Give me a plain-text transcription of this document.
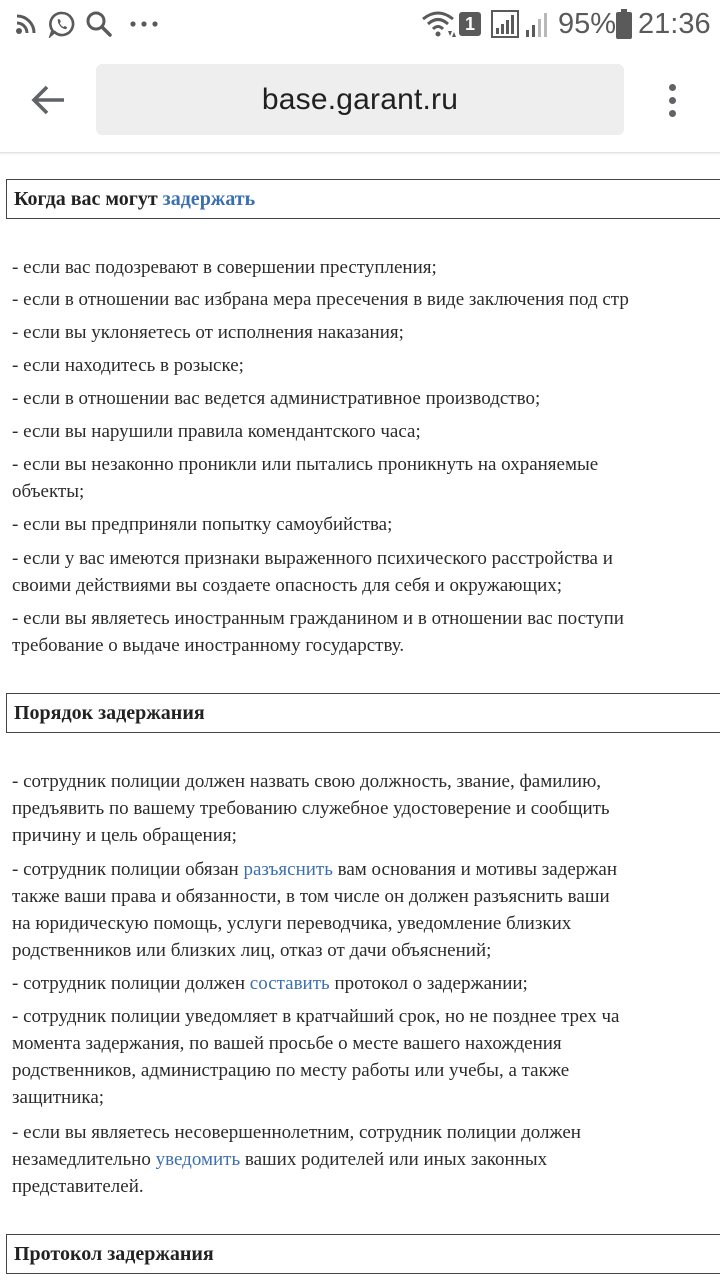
1	95% 21:36
base.garant.ru
Когда вас могут задержать
- если вас подозревают в совершении преступления;
- если в отношении вас избрана мера пресечения в виде заключения под стр
- если вы уклоняетесь от исполнения наказания;
- если находитесь в розыске;
- если в отношении вас ведется административное производство;
- если вы нарушили правила комендантского часа;
- если вы незаконно проникли или пытались проникнуть на охраняемые
объекты;
- если вы предприняли попытку самоубийства;
- если у вас имеются признаки выраженного психического расстройства и
своими действиями вы создаете опасность для себя и окружающих;
- если вы являетесь иностранным гражданином и в отношении вас поступи
требование о выдаче иностранному государству.
Порядок задержания
- сотрудник полиции должен назвать свою должность, звание, фамилию,
предъявить по вашему требованию служебное удостоверение и сообщить
причину и цель обращения;
- сотрудник полиции обязан разъяснить вам основания и мотивы задержан
также ваши права и обязанности, в том числе он должен разъяснить ваши
на юридическую помощь, услуги переводчика, уведомление близких
родственников или близких лиц, отказ от дачи объяснений;
- сотрудник полиции должен составить протокол о задержании;
- сотрудник полиции уведомляет в кратчайший срок, но не позднее трех ча
момента задержания, по вашей просьбе о месте вашего нахождения
родственников, администрацию по месту работы или учебы, а также
защитника;
- если вы являетесь несовершеннолетним, сотрудник полиции должен
незамедлительно уведомить ваших родителей или иных законных
представителей.
Протокол задержания
